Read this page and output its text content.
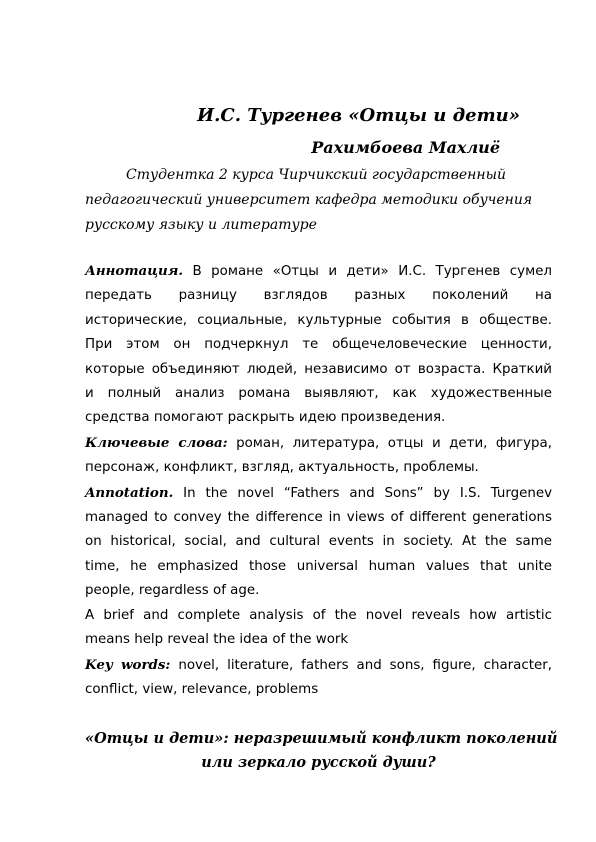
И.С. Тургенев «Отцы и дети»
Рахимбоева Махлиё
Студентка 2 курса Чирчикский государственный
педагогический университет кафедра методики обучения
русскому языку и литературе
Аннотация. В романе «Отцы и дети» И.С. Тургенев сумел
передать разницу взглядов разных поколений на
исторические, социальные, культурные события в обществе.
При этом он подчеркнул те общечеловеческие ценности,
которые объединяют людей, независимо от возраста. Краткий
и полный анализ романа выявляют, как художественные
средства помогают раскрыть идею произведения.
Ключевые слова: роман, литература, отцы и дети, фигура,
персонаж, конфликт, взгляд, актуальность, проблемы.
Annotation. In the novel “Fathers and Sons” by I.S. Turgenev
managed to convey the difference in views of different generations
on historical, social, and cultural events in society. At the same
time, he emphasized those universal human values that unite
people, regardless of age.
A brief and complete analysis of the novel reveals how artistic
means help reveal the idea of the work
Key words: novel, literature, fathers and sons, figure, character,
conflict, view, relevance, problems
«Отцы и дети»: неразрешимый конфликт поколений
или зеркало русской души?
